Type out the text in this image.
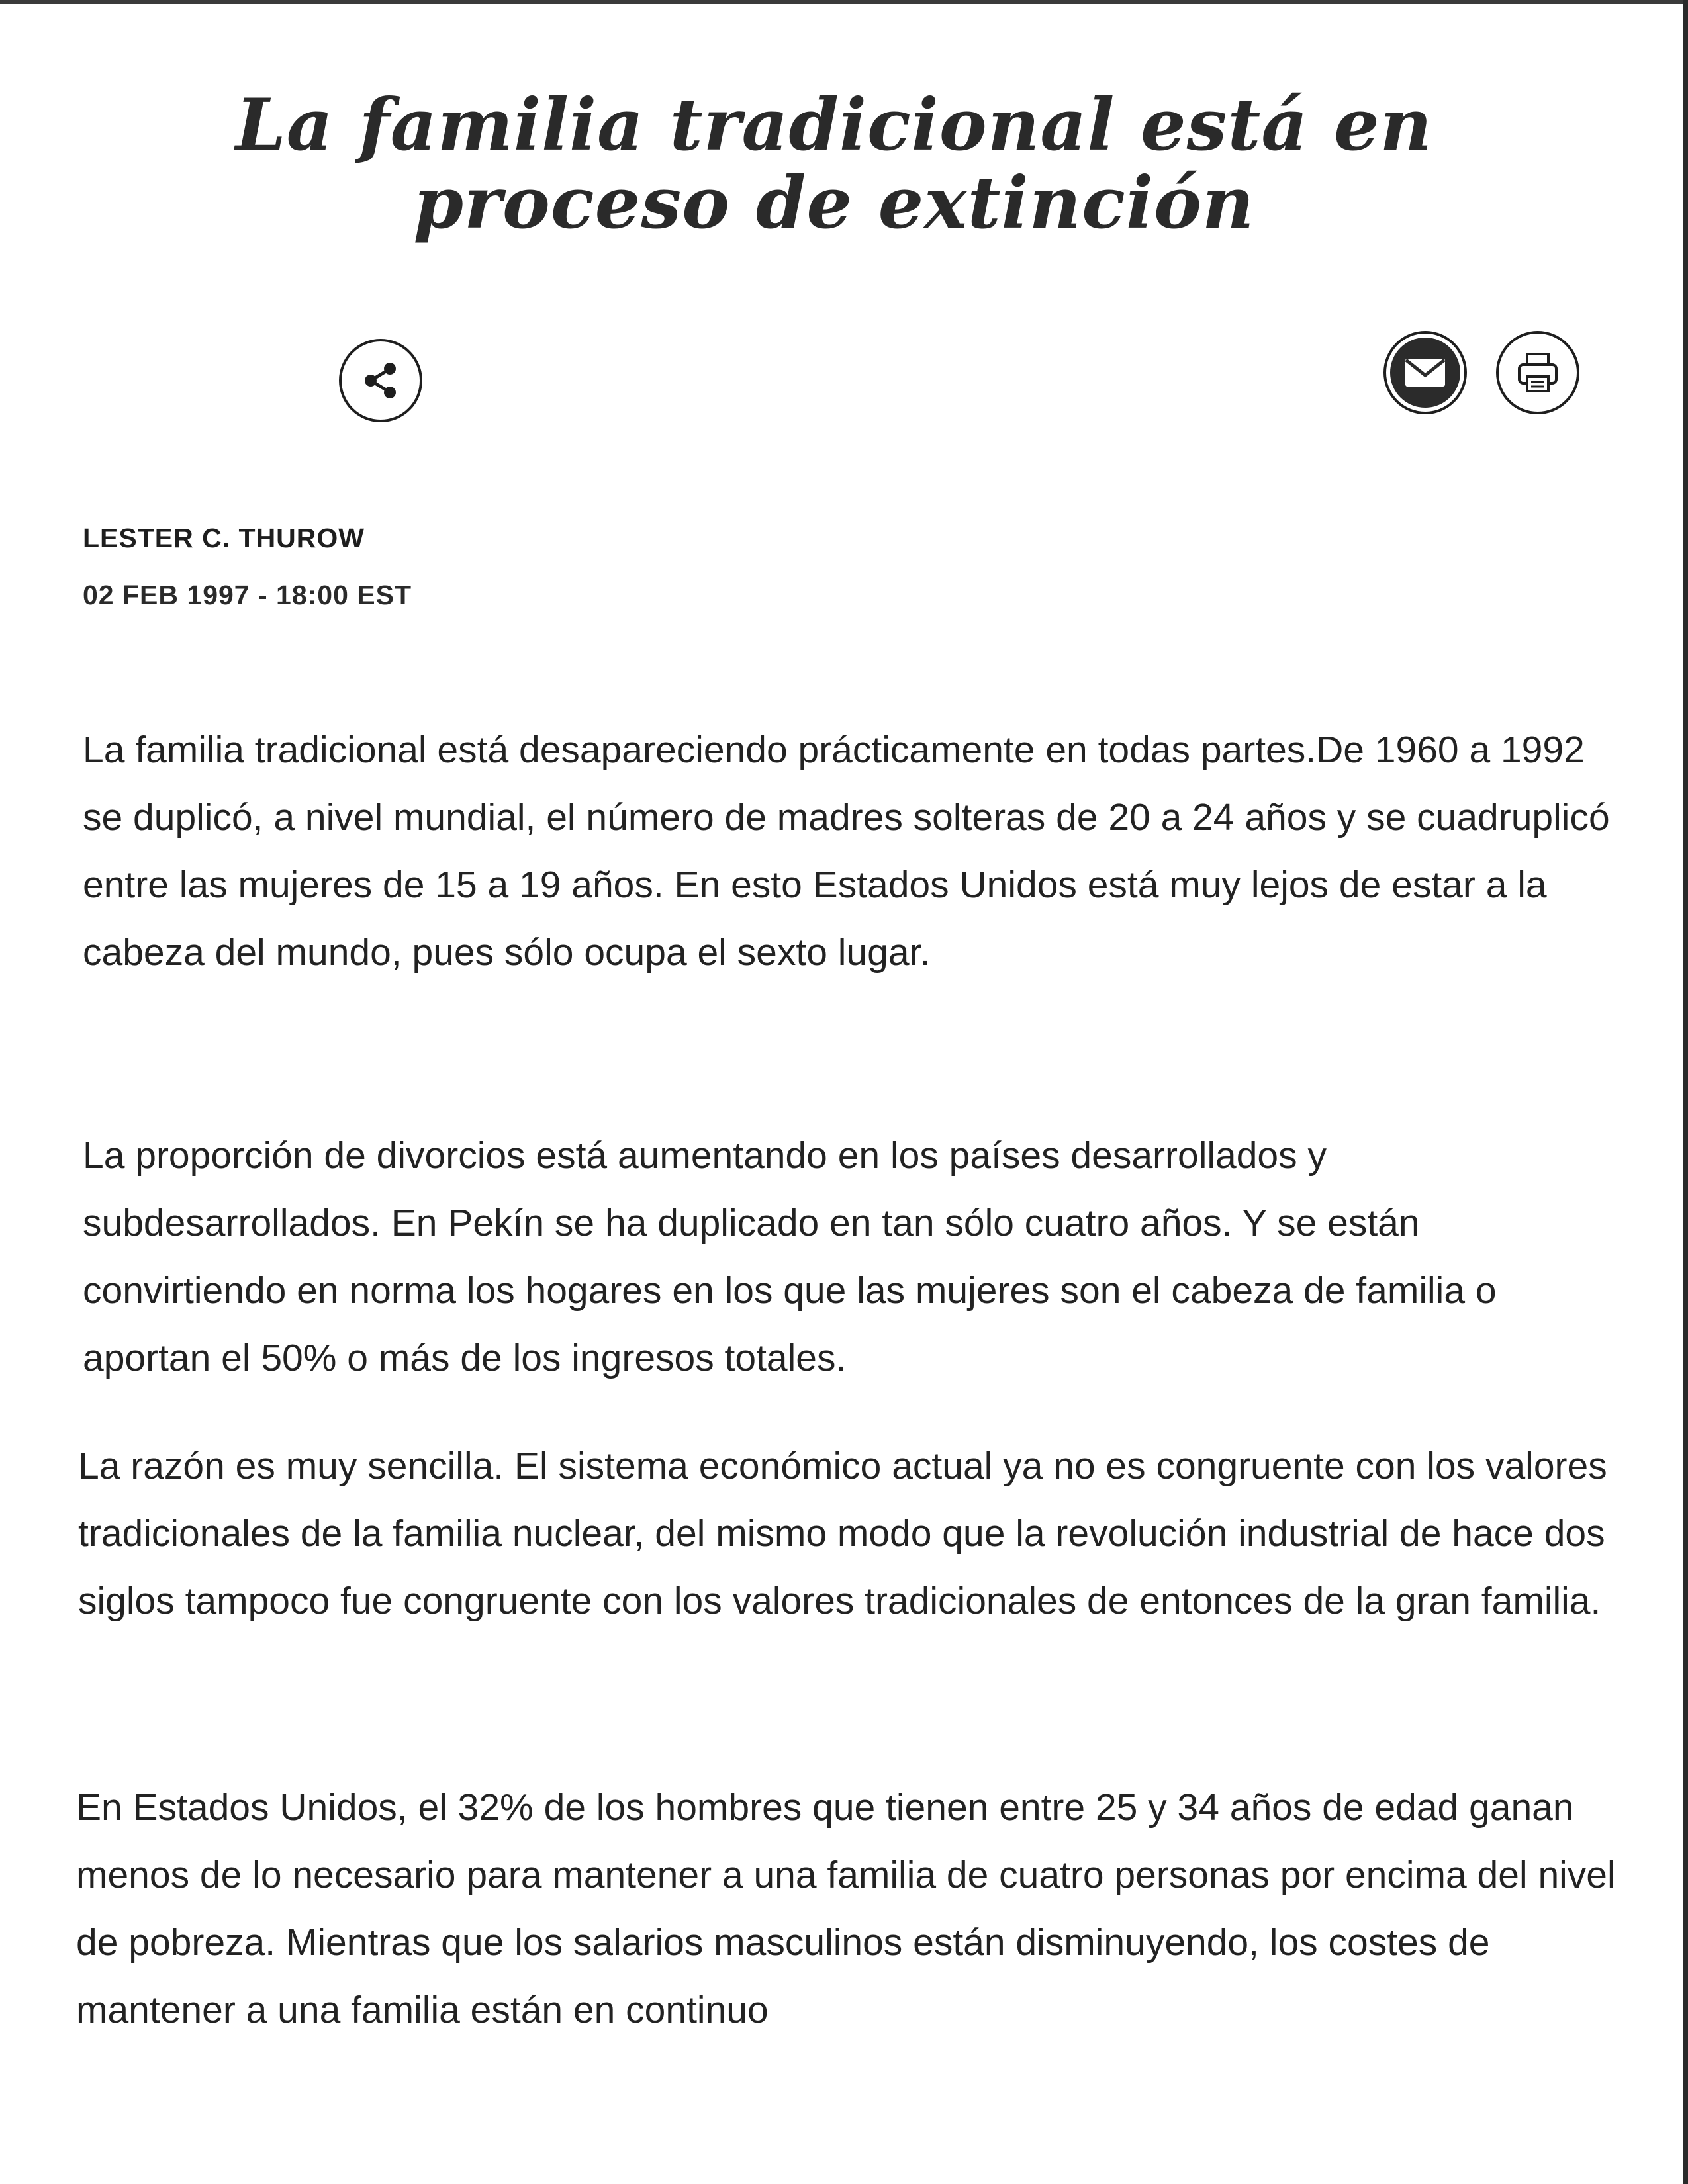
La familia tradicional está en proceso de extinción
LESTER C. THUROW
02 FEB 1997 - 18:00 EST

La familia tradicional está desapareciendo prácticamente en todas partes.De 1960 a 1992 se duplicó, a nivel mundial, el número de madres solteras de 20 a 24 años y se cuadruplicó entre las mujeres de 15 a 19 años. En esto Estados Unidos está muy lejos de estar a la cabeza del mundo, pues sólo ocupa el sexto lugar.

La proporción de divorcios está aumentando en los países desarrollados y subdesarrollados. En Pekín se ha duplicado en tan sólo cuatro años. Y se están convirtiendo en norma los hogares en los que las mujeres son el cabeza de familia o aportan el 50% o más de los ingresos totales.

La razón es muy sencilla. El sistema económico actual ya no es congruente con los valores tradicionales de la familia nuclear, del mismo modo que la revolución industrial de hace dos siglos tampoco fue congruente con los valores tradicionales de entonces de la gran familia.

En Estados Unidos, el 32% de los hombres que tienen entre 25 y 34 años de edad ganan menos de lo necesario para mantener a una familia de cuatro personas por encima del nivel de pobreza. Mientras que los salarios masculinos están disminuyendo, los costes de mantener a una familia están en continuo
